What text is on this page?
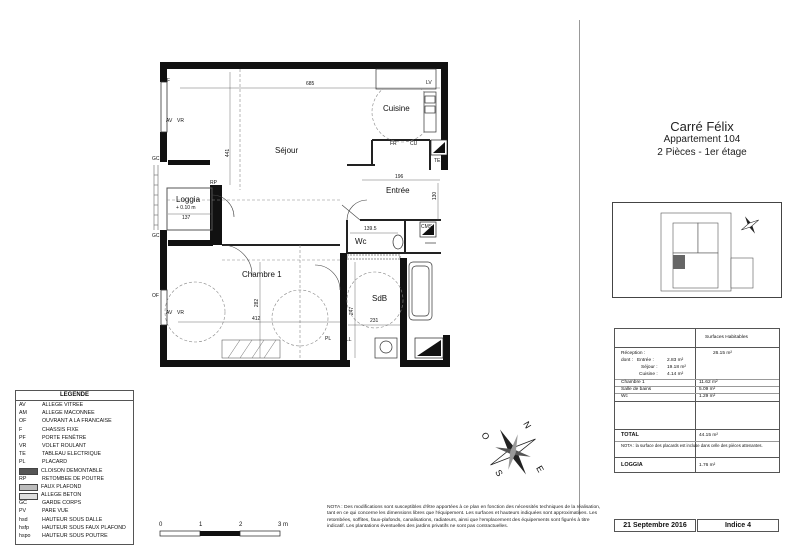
Séjour
Cuisine
Entrée
Loggia
+ 0.10 m
Wc
Chambre 1
SdB
685
441
196
137
139.5
412
282
247
231
130
LV
FR	CU
TE
CMS
OF
AV VR
GC
GC
OF
AV VR
PL	LL
RP
0	1	2	3 m
N
O
S	E
Carré Félix
Appartement 104
2 Pièces - 1er étage
Surfaces Habitables
Réception :	26.15 m²
dont : Entrée :	2.83 m²
Séjour : 19.18 m²
Cuisine : 4.14 m²
Chambre 1	11.62 m²
Salle de bains	5.09 m²
Wc	1.29 m²
TOTAL	44.15 m²
NOTA : la surface des placards est incluse dans celle des pièces attenantes.
LOGGIA	1.76 m²
LEGENDE
AV	ALLEGE VITREE
AM	ALLEGE MACONNEE
OF	OUVRANT A LA FRANCAISE
F	CHASSIS FIXE
PF	PORTE FENÊTRE
VR	VOLET ROULANT
TE	TABLEAU ELECTRIQUE
PL	PLACARD
CLOISON DEMONTABLE
RP	RETOMBEE DE POUTRE
FAUX PLAFOND
ALLEGE BETON
GC	GARDE CORPS
PV	PARE VUE
hsd	HAUTEUR SOUS DALLE
hsfp	HAUTEUR SOUS FAUX PLAFOND
hspo	HAUTEUR SOUS POUTRE
NOTA : Des modifications sont susceptibles d'être apportées à ce plan en fonction des nécessités techniques de la réalisation, tant en ce qui concerne les dimensions libres que l'équipement. Les surfaces et hauteurs indiquées sont approximatives. Les retombées, soffites, faux-plafonds, canalisations, radiateurs, ainsi que l'emplacement des équipements sont figurés à titre indicatif. Les plantations éventuelles des jardins privatifs ne sont pas contractuelles.	21 Septembre 2016	Indice 4
